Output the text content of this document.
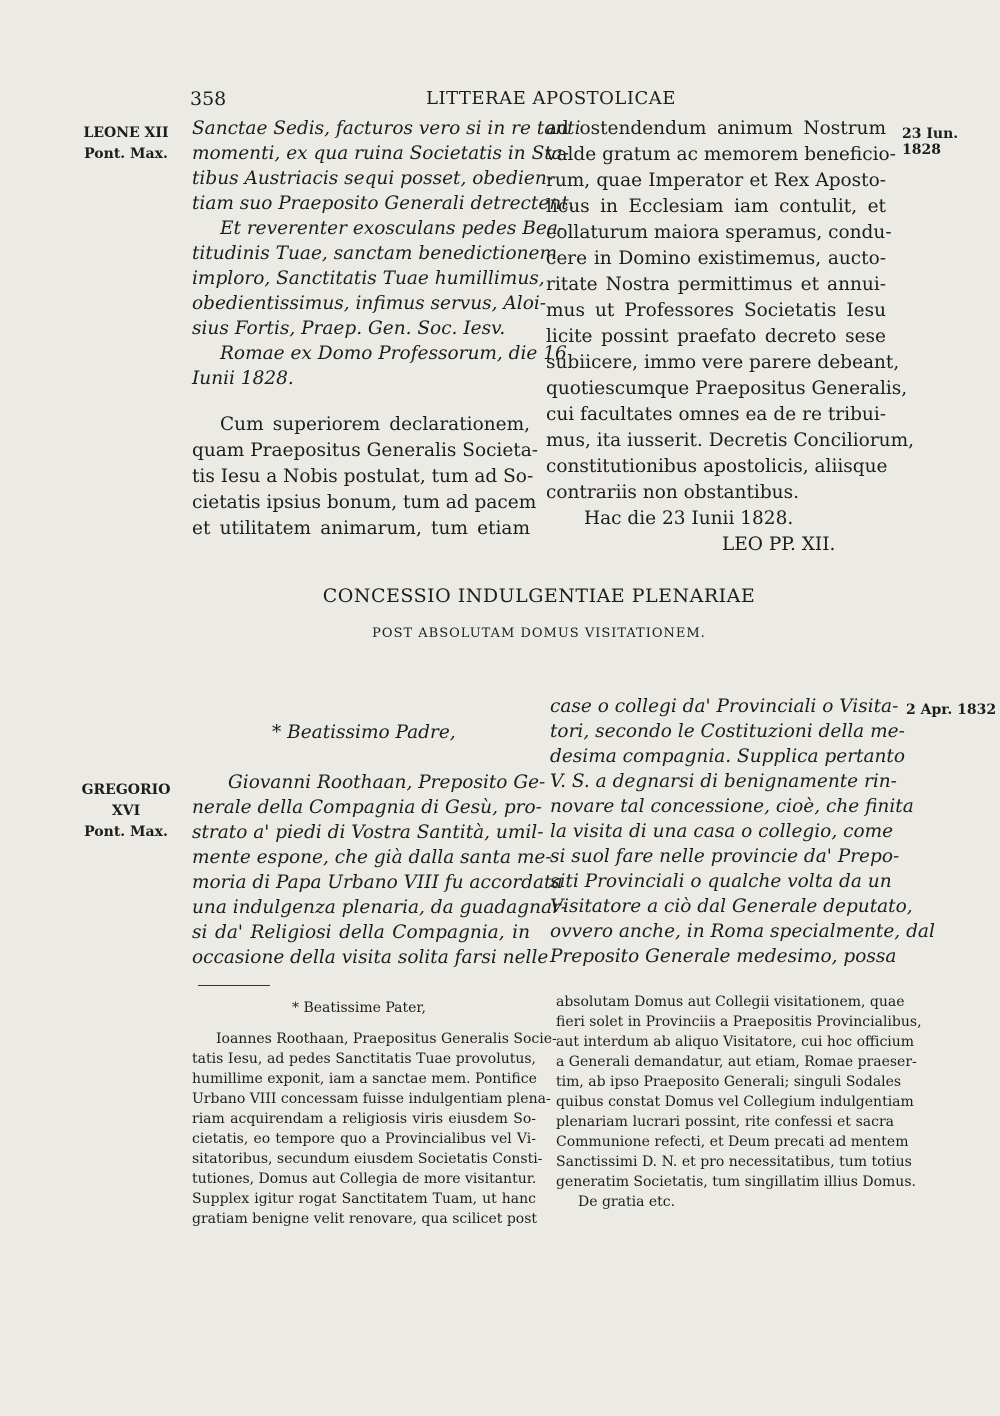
358	LITTERAE APOSTOLICAE
LEONE XII
Pont. Max.
23 Iun. 1828
GREGORIO
XVI
Pont. Max.
2 Apr. 1832
Sanctae Sedis, facturos vero si in re tanti
momenti, ex qua ruina Societatis in Sta-
tibus Austriacis sequi posset, obedien-
tiam suo Praeposito Generali detrectent.
Et reverenter exosculans pedes Bea-
titudinis Tuae, sanctam benedictionem
imploro, Sanctitatis Tuae humillimus,
obedientissimus, infimus servus, Aloi-
sius Fortis, Praep. Gen. Soc. Iesv.
Romae ex Domo Professorum, die 16
Iunii 1828.
Cum superiorem declarationem,
quam Praepositus Generalis Societa-
tis Iesu a Nobis postulat, tum ad So-
cietatis ipsius bonum, tum ad pacem
et utilitatem animarum, tum etiam
ad ostendendum animum Nostrum
valde gratum ac memorem beneficio-
rum, quae Imperator et Rex Aposto-
licus in Ecclesiam iam contulit, et
collaturum maiora speramus, condu-
cere in Domino existimemus, aucto-
ritate Nostra permittimus et annui-
mus ut Professores Societatis Iesu
licite possint praefato decreto sese
subiicere, immo vere parere debeant,
quotiescumque Praepositus Generalis,
cui facultates omnes ea de re tribui-
mus, ita iusserit. Decretis Conciliorum,
constitutionibus apostolicis, aliisque
contrariis non obstantibus.
Hac die 23 Iunii 1828.
LEO PP. XII.
CONCESSIO INDULGENTIAE PLENARIAE
POST ABSOLUTAM DOMUS VISITATIONEM.
* Beatissimo Padre,
Giovanni Roothaan, Preposito Ge-
nerale della Compagnia di Gesù, pro-
strato a' piedi di Vostra Santità, umil-
mente espone, che già dalla santa me-
moria di Papa Urbano VIII fu accordata
una indulgenza plenaria, da guadagnar-
si da' Religiosi della Compagnia, in
occasione della visita solita farsi nelle
case o collegi da' Provinciali o Visita-
tori, secondo le Costituzioni della me-
desima compagnia. Supplica pertanto
V. S. a degnarsi di benignamente rin-
novare tal concessione, cioè, che finita
la visita di una casa o collegio, come
si suol fare nelle provincie da' Prepo-
siti Provinciali o qualche volta da un
Visitatore a ciò dal Generale deputato,
ovvero anche, in Roma specialmente, dal
Preposito Generale medesimo, possa
* Beatissime Pater,
Ioannes Roothaan, Praepositus Generalis Socie-
tatis Iesu, ad pedes Sanctitatis Tuae provolutus,
humillime exponit, iam a sanctae mem. Pontifice
Urbano VIII concessam fuisse indulgentiam plena-
riam acquirendam a religiosis viris eiusdem So-
cietatis, eo tempore quo a Provincialibus vel Vi-
sitatoribus, secundum eiusdem Societatis Consti-
tutiones, Domus aut Collegia de more visitantur.
Supplex igitur rogat Sanctitatem Tuam, ut hanc
gratiam benigne velit renovare, qua scilicet post
absolutam Domus aut Collegii visitationem, quae
fieri solet in Provinciis a Praepositis Provincialibus,
aut interdum ab aliquo Visitatore, cui hoc officium
a Generali demandatur, aut etiam, Romae praeser-
tim, ab ipso Praeposito Generali; singuli Sodales
quibus constat Domus vel Collegium indulgentiam
plenariam lucrari possint, rite confessi et sacra
Communione refecti, et Deum precati ad mentem
Sanctissimi D. N. et pro necessitatibus, tum totius
generatim Societatis, tum singillatim illius Domus.
De gratia etc.
